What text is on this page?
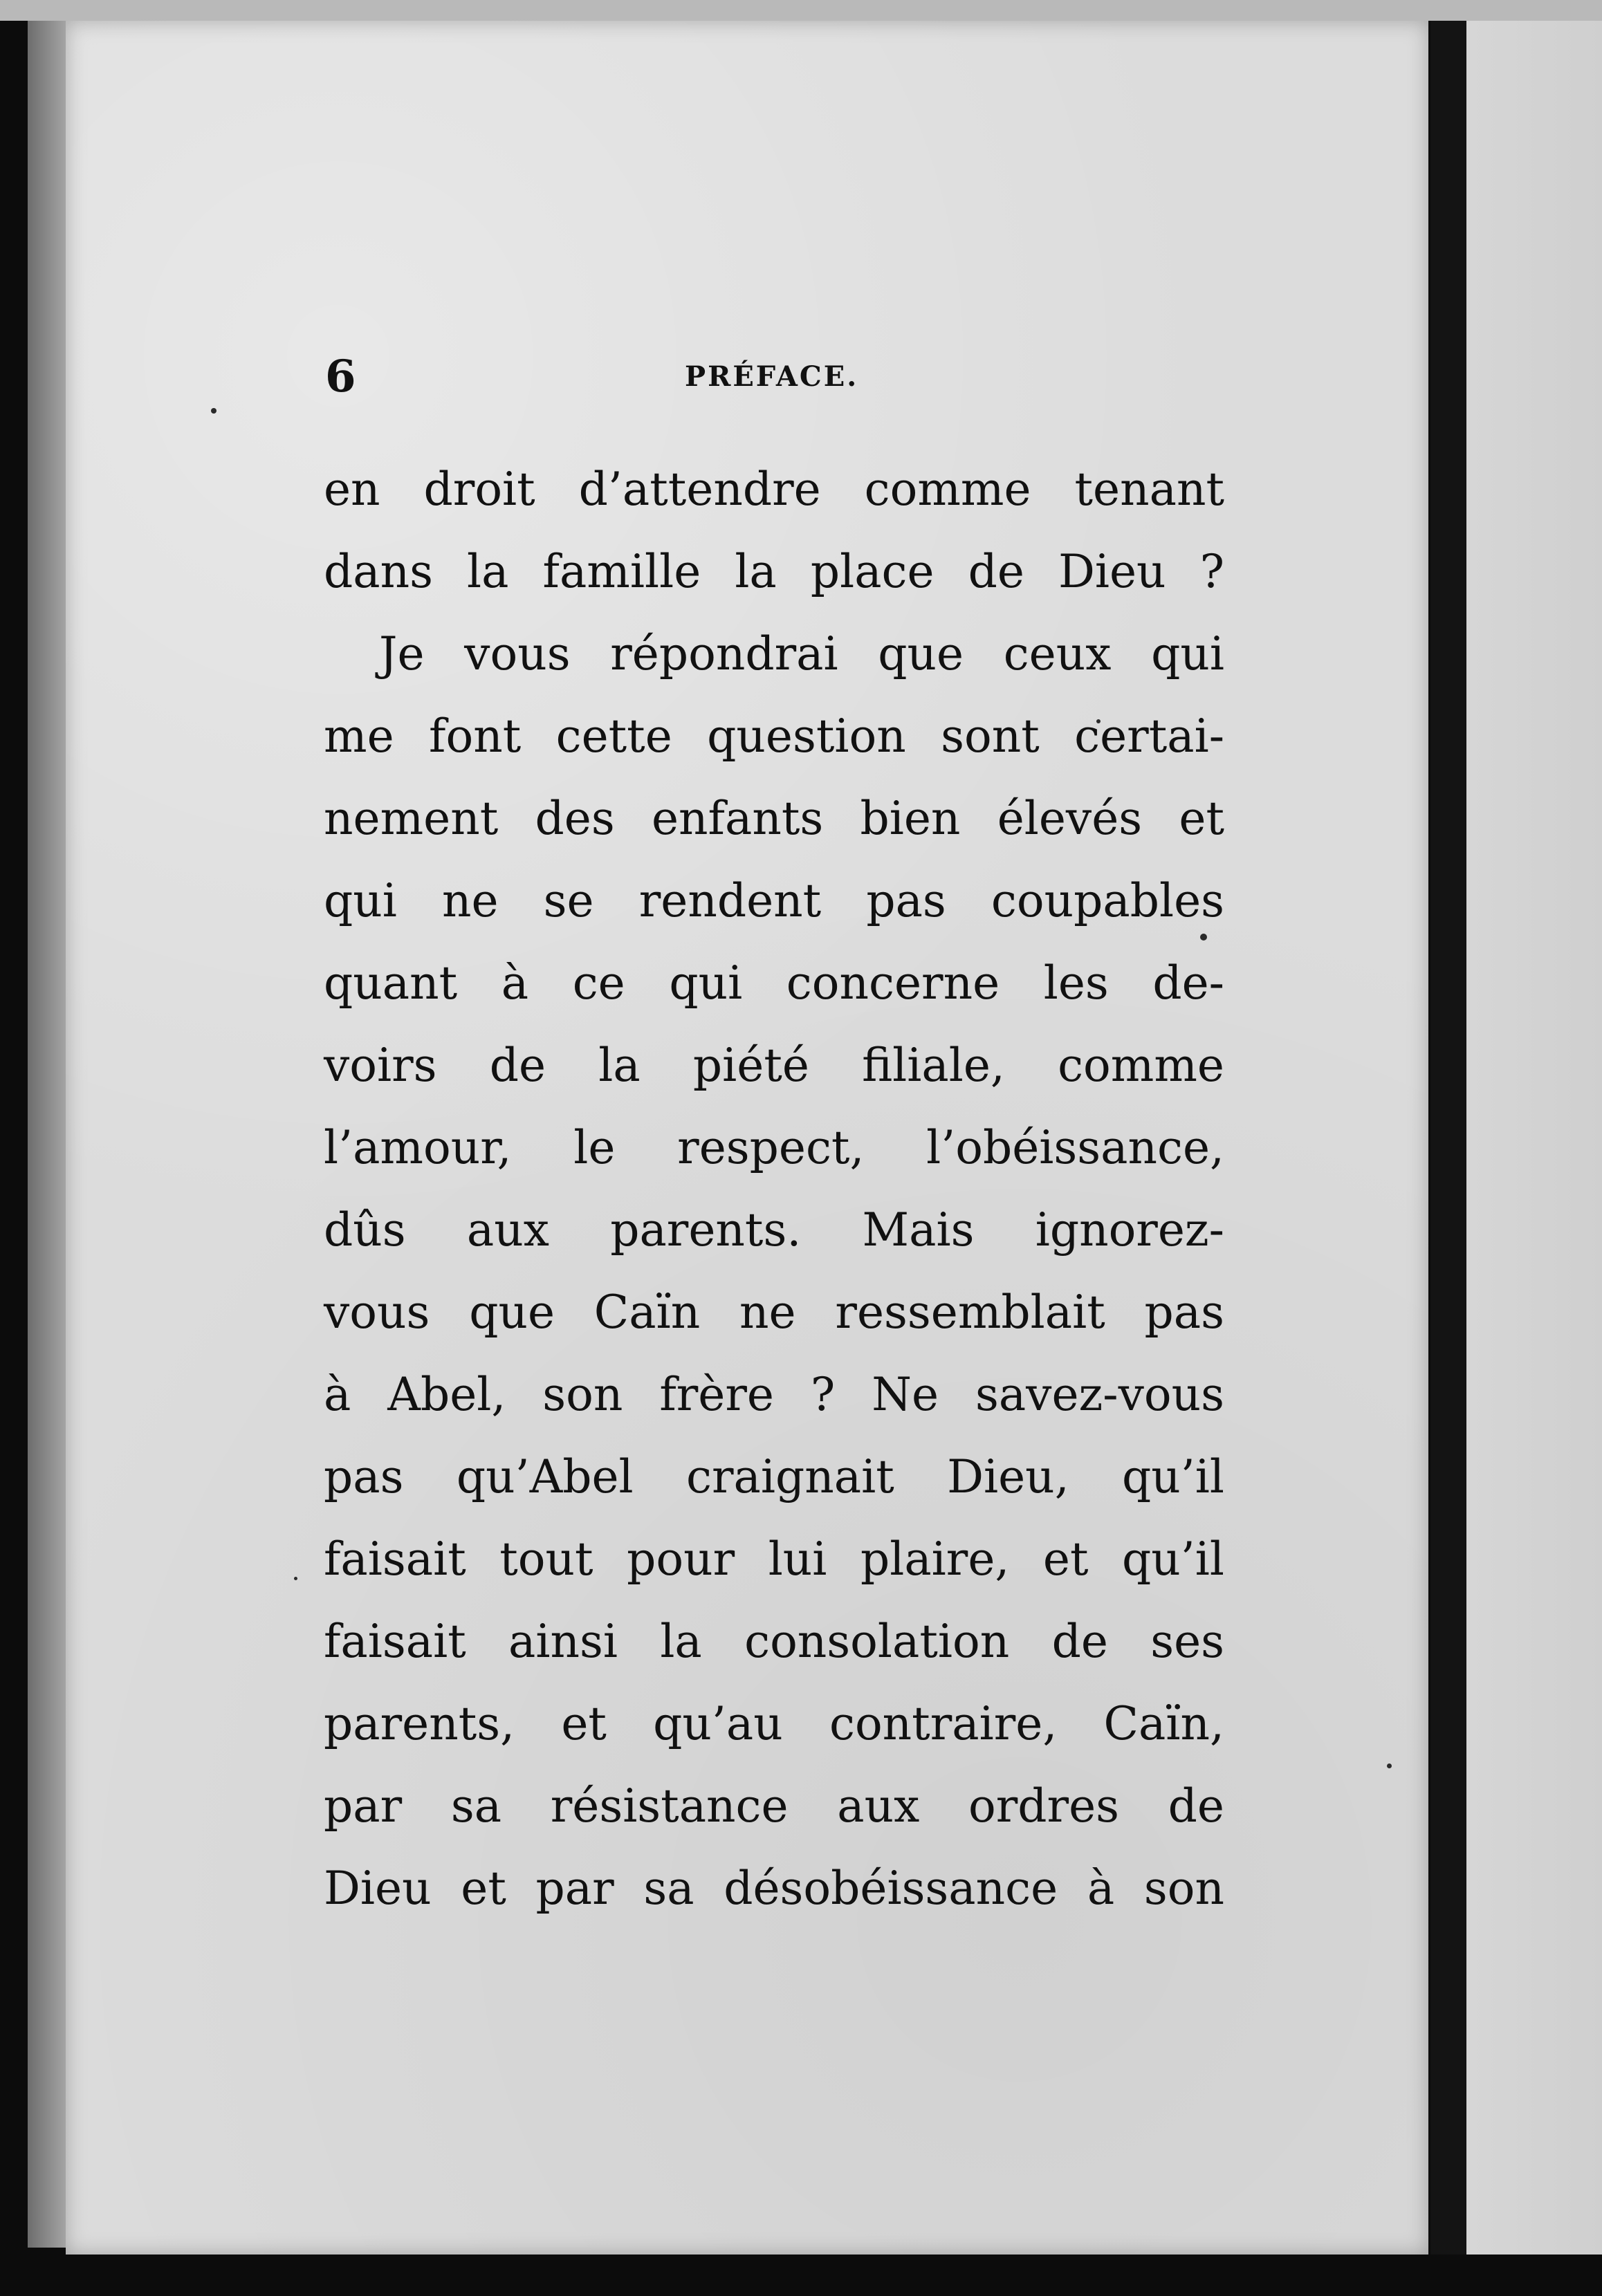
6	PRÉFACE.
en droit d’attendre comme tenant
dans la famille la place de Dieu ?
Je vous répondrai que ceux qui
me font cette question sont certai-
nement des enfants bien élevés et
qui ne se rendent pas coupables
quant à ce qui concerne les de-
voirs de la piété filiale, comme
l’amour, le respect, l’obéissance,
dûs aux parents. Mais ignorez-
vous que Caïn ne ressemblait pas
à Abel, son frère ? Ne savez-vous
pas qu’Abel craignait Dieu, qu’il
faisait tout pour lui plaire, et qu’il
faisait ainsi la consolation de ses
parents, et qu’au contraire, Caïn,
par sa résistance aux ordres de
Dieu et par sa désobéissance à son
